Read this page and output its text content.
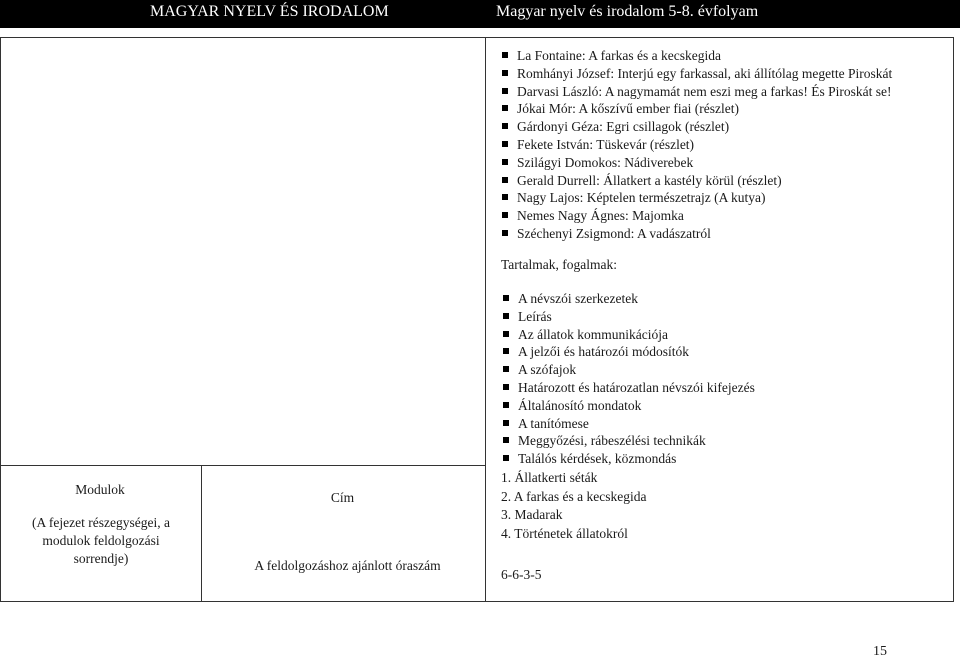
MAGYAR NYELV ÉS IRODALOM	Magyar nyelv és irodalom 5-8. évfolyam
La Fontaine: A farkas és a kecskegida
Romhányi József: Interjú egy farkassal, aki állítólag megette Piroskát
Darvasi László: A nagymamát nem eszi meg a farkas! És Piroskát se!
Jókai Mór: A kőszívű ember fiai (részlet)
Gárdonyi Géza: Egri csillagok (részlet)
Fekete István: Tüskevár (részlet)
Szilágyi Domokos: Nádiverebek
Gerald Durrell: Állatkert a kastély körül (részlet)
Nagy Lajos: Képtelen természetrajz (A kutya)
Nemes Nagy Ágnes: Majomka
Széchenyi Zsigmond: A vadászatról
Tartalmak, fogalmak:
A névszói szerkezetek
Leírás
Az állatok kommunikációja
A jelzői és határozói módosítók
A szófajok
Határozott és határozatlan névszói kifejezés
Általánosító mondatok
A tanítómese
Meggyőzési, rábeszélési technikák
Találós kérdések, közmondás
Modulok
(A fejezet részegységei, a modulok feldolgozási sorrendje)
Cím
A feldolgozáshoz ajánlott óraszám
1. Állatkerti séták
2. A farkas és a kecskegida
3. Madarak
4. Történetek állatokról
6-6-3-5
15
